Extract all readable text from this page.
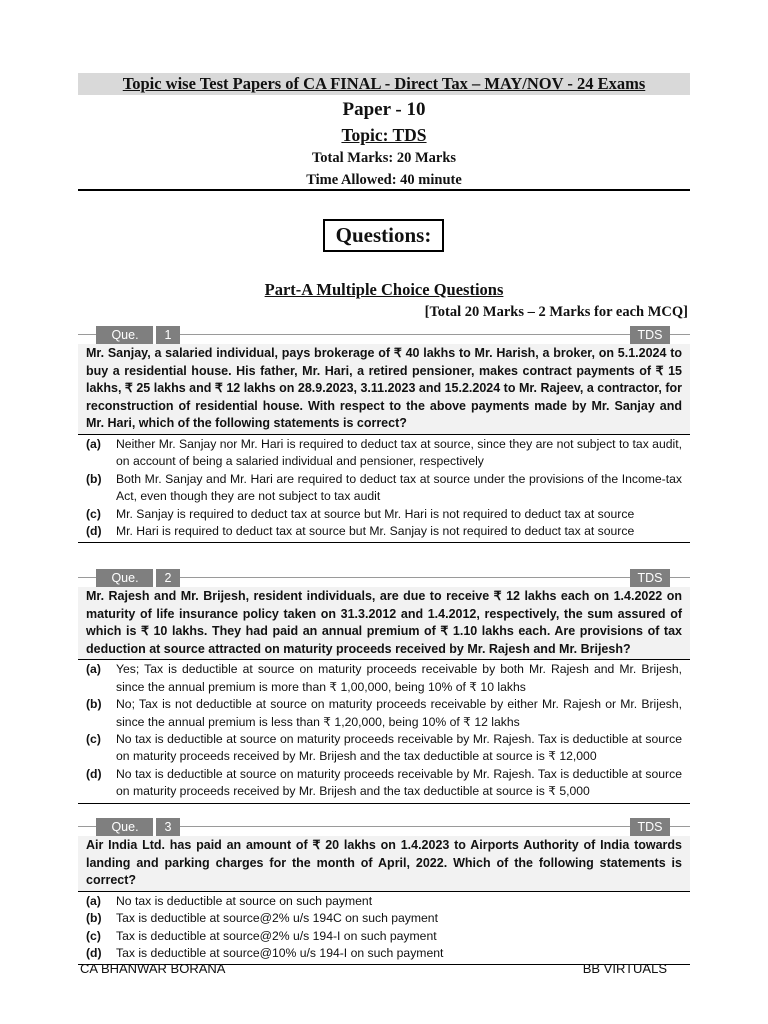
Topic wise Test Papers of CA FINAL - Direct Tax – MAY/NOV - 24 Exams
Paper - 10
Topic: TDS
Total Marks: 20 Marks
Time Allowed: 40 minute
Questions:
Part-A Multiple Choice Questions
[Total 20 Marks – 2 Marks for each MCQ]
Que.	1	TDS
Mr. Sanjay, a salaried individual, pays brokerage of ₹ 40 lakhs to Mr. Harish, a broker, on 5.1.2024 to buy a residential house. His father, Mr. Hari, a retired pensioner, makes contract payments of ₹ 15 lakhs, ₹ 25 lakhs and ₹ 12 lakhs on 28.9.2023, 3.11.2023 and 15.2.2024 to Mr. Rajeev, a contractor, for reconstruction of residential house. With respect to the above payments made by Mr. Sanjay and Mr. Hari, which of the following statements is correct?
(a)	Neither Mr. Sanjay nor Mr. Hari is required to deduct tax at source, since they are not subject to tax audit, on account of being a salaried individual and pensioner, respectively
(b)	Both Mr. Sanjay and Mr. Hari are required to deduct tax at source under the provisions of the Income-tax Act, even though they are not subject to tax audit
(c)	Mr. Sanjay is required to deduct tax at source but Mr. Hari is not required to deduct tax at source
(d)	Mr. Hari is required to deduct tax at source but Mr. Sanjay is not required to deduct tax at source
Que.	2	TDS
Mr. Rajesh and Mr. Brijesh, resident individuals, are due to receive ₹ 12 lakhs each on 1.4.2022 on maturity of life insurance policy taken on 31.3.2012 and 1.4.2012, respectively, the sum assured of which is ₹ 10 lakhs. They had paid an annual premium of ₹ 1.10 lakhs each. Are provisions of tax deduction at source attracted on maturity proceeds received by Mr. Rajesh and Mr. Brijesh?
(a)	Yes; Tax is deductible at source on maturity proceeds receivable by both Mr. Rajesh and Mr. Brijesh, since the annual premium is more than ₹ 1,00,000, being 10% of ₹ 10 lakhs
(b)	No; Tax is not deductible at source on maturity proceeds receivable by either Mr. Rajesh or Mr. Brijesh, since the annual premium is less than ₹ 1,20,000, being 10% of ₹ 12 lakhs
(c)	No tax is deductible at source on maturity proceeds receivable by Mr. Rajesh. Tax is deductible at source on maturity proceeds received by Mr. Brijesh and the tax deductible at source is ₹ 12,000
(d)	No tax is deductible at source on maturity proceeds receivable by Mr. Rajesh. Tax is deductible at source on maturity proceeds received by Mr. Brijesh and the tax deductible at source is ₹ 5,000
Que.	3	TDS
Air India Ltd. has paid an amount of ₹ 20 lakhs on 1.4.2023 to Airports Authority of India towards landing and parking charges for the month of April, 2022. Which of the following statements is correct?
(a)	No tax is deductible at source on such payment
(b)	Tax is deductible at source@2% u/s 194C on such payment
(c)	Tax is deductible at source@2% u/s 194-I on such payment
(d)	Tax is deductible at source@10% u/s 194-I on such payment
CA BHANWAR BORANA	BB VIRTUALS
